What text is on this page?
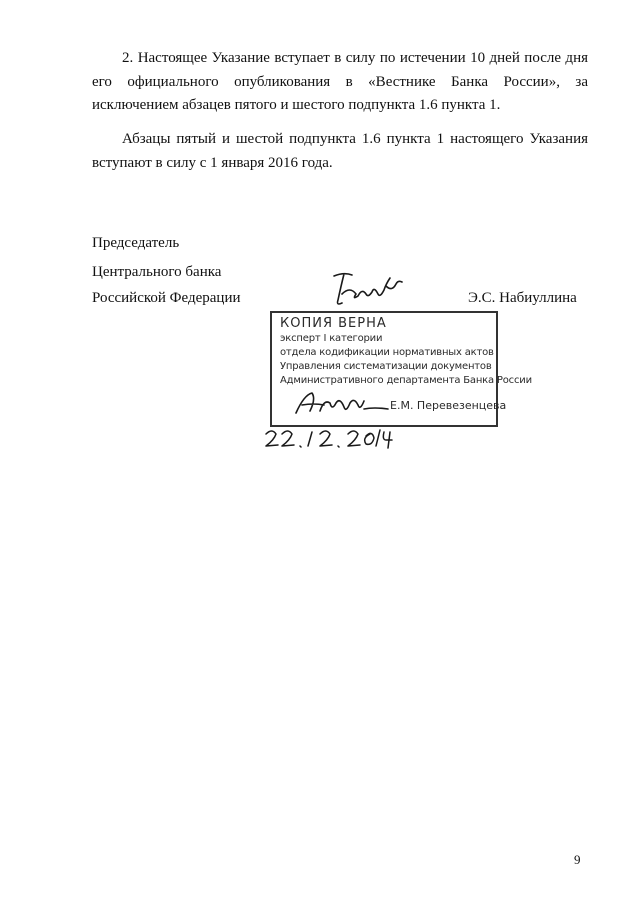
2. Настоящее Указание вступает в силу по истечении 10 дней после дня его официального опубликования в «Вестнике Банка России», за исключением абзацев пятого и шестого подпункта 1.6 пункта 1.

Абзацы пятый и шестой подпункта 1.6 пункта 1 настоящего Указания вступают в силу с 1 января 2016 года.

Председатель
Центрального банка
Российской Федерации	Э.С. Набиуллина
КОПИЯ ВЕРНА
эксперт I категории
отдела кодификации нормативных актов
Управления систематизации документов
Административного департамента Банка России
Е.М. Перевезенцева
9
